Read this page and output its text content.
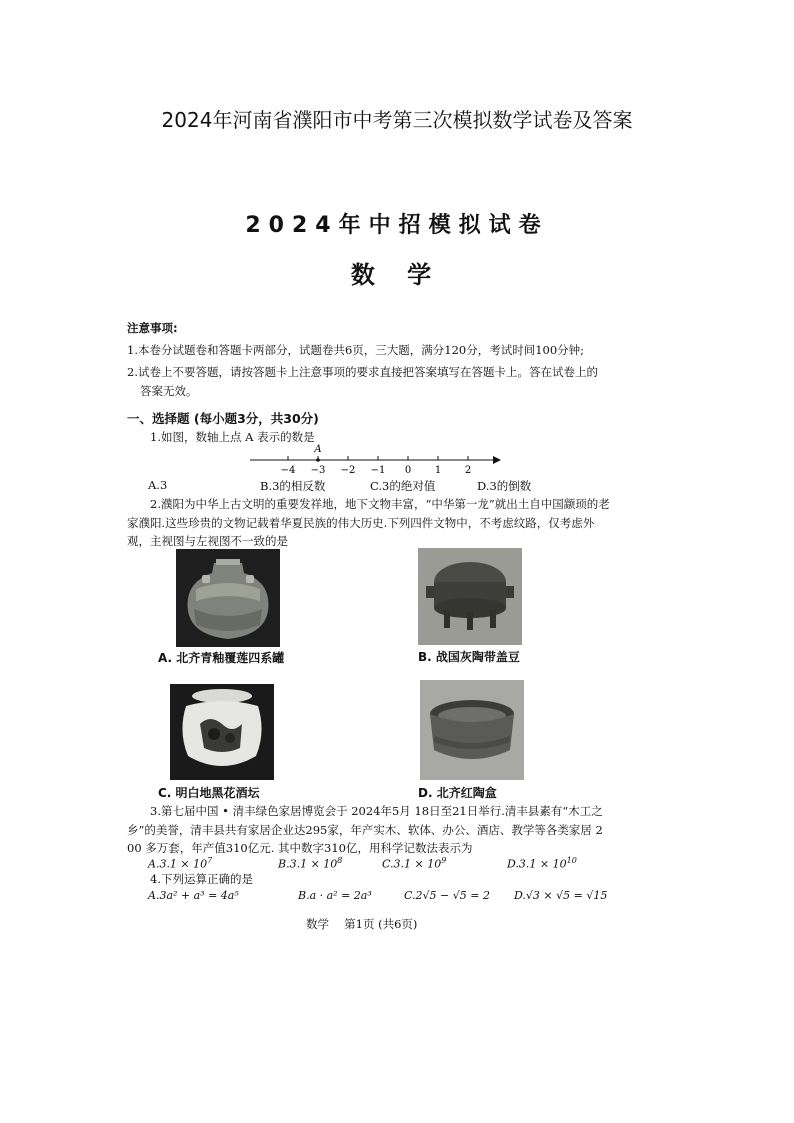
2024年河南省濮阳市中考第三次模拟数学试卷及答案
2024年中招模拟试卷
数 学
注意事项:
1.本卷分试题卷和答题卡两部分，试题卷共6页，三大题，满分120分，考试时间100分钟;
2.试卷上不要答题，请按答题卡上注意事项的要求直接把答案填写在答题卡上。答在试卷上的
答案无效。
一、选择题 (每小题3分，共30分)
1.如图，数轴上点 A 表示的数是
−4 −3 −2 −1 0 1 2
A
A.3	B.3的相反数	C.3的绝对值	D.3的倒数
2.濮阳为中华上古文明的重要发祥地，地下文物丰富，“中华第一龙”就出土自中国颛顼的老
家濮阳.这些珍贵的文物记载着华夏民族的伟大历史.下列四件文物中，不考虑纹路，仅考虑外
观，主视图与左视图不一致的是
A. 北齐青釉覆莲四系罐	B. 战国灰陶带盖豆
C. 明白地黑花酒坛	D. 北齐红陶盒
3.第七届中国 • 清丰绿色家居博览会于 2024年5月 18日至21日举行.清丰县素有“木工之
乡”的美誉，清丰县共有家居企业达295家，年产实木、软体、办公、酒店、教学等各类家居 2
00 多万套，年产值310亿元. 其中数字310亿，用科学记数法表示为
$A.3.1 \times 10^7$	$B.3.1 \times 10^8$	$C.3.1 \times 10^9$	$D.3.1 \times 10^{10}$
4.下列运算正确的是
A.3a² + a³ = 4a⁵	B.a · a² = 2a³	C.2√5 − √5 = 2 D.√3 × √5 = √15
数学　 第1页 (共6页)
